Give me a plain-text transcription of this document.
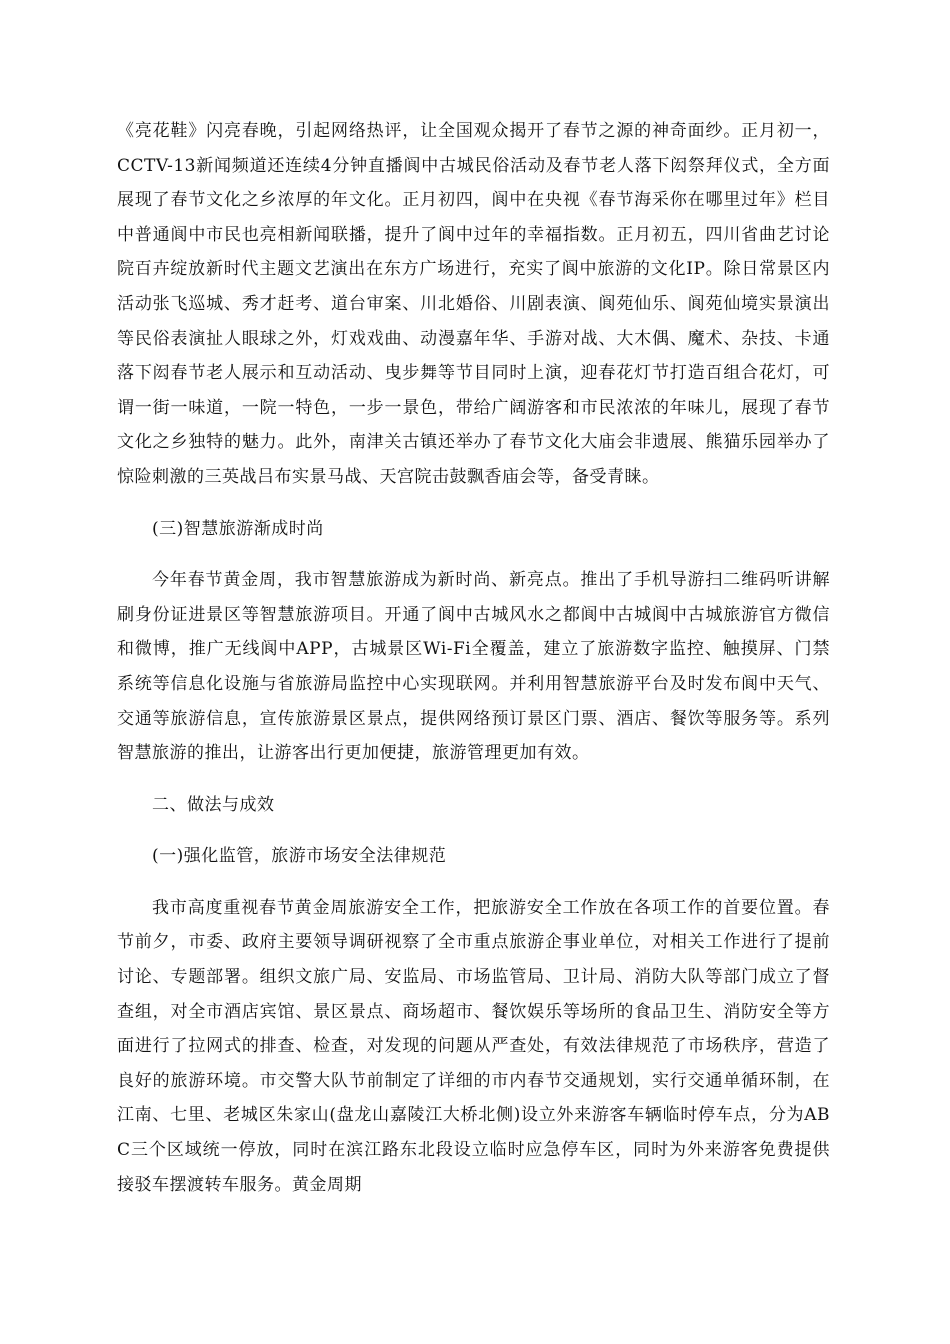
《亮花鞋》闪亮春晚，引起网络热评，让全国观众揭开了春节之源的神奇面纱。正月初一，CCTV-13新闻频道还连续4分钟直播阆中古城民俗活动及春节老人落下闳祭拜仪式，全方面展现了春节文化之乡浓厚的年文化。正月初四，阆中在央视《春节海采你在哪里过年》栏目中普通阆中市民也亮相新闻联播，提升了阆中过年的幸福指数。正月初五，四川省曲艺讨论院百卉绽放新时代主题文艺演出在东方广场进行，充实了阆中旅游的文化IP。除日常景区内活动张飞巡城、秀才赶考、道台审案、川北婚俗、川剧表演、阆苑仙乐、阆苑仙境实景演出等民俗表演扯人眼球之外，灯戏戏曲、动漫嘉年华、手游对战、大木偶、魔术、杂技、卡通落下闳春节老人展示和互动活动、曳步舞等节目同时上演，迎春花灯节打造百组合花灯，可谓一街一味道，一院一特色，一步一景色，带给广阔游客和市民浓浓的年味儿，展现了春节文化之乡独特的魅力。此外，南津关古镇还举办了春节文化大庙会非遗展、熊猫乐园举办了惊险刺激的三英战吕布实景马战、天宫院击鼓飘香庙会等，备受青睐。

(三)智慧旅游渐成时尚

今年春节黄金周，我市智慧旅游成为新时尚、新亮点。推出了手机导游扫二维码听讲解刷身份证进景区等智慧旅游项目。开通了阆中古城风水之都阆中古城阆中古城旅游官方微信和微博，推广无线阆中APP，古城景区Wi-Fi全覆盖，建立了旅游数字监控、触摸屏、门禁系统等信息化设施与省旅游局监控中心实现联网。并利用智慧旅游平台及时发布阆中天气、交通等旅游信息，宣传旅游景区景点，提供网络预订景区门票、酒店、餐饮等服务等。系列智慧旅游的推出，让游客出行更加便捷，旅游管理更加有效。

二、做法与成效

(一)强化监管，旅游市场安全法律规范

我市高度重视春节黄金周旅游安全工作，把旅游安全工作放在各项工作的首要位置。春节前夕，市委、政府主要领导调研视察了全市重点旅游企事业单位，对相关工作进行了提前讨论、专题部署。组织文旅广局、安监局、市场监管局、卫计局、消防大队等部门成立了督查组，对全市酒店宾馆、景区景点、商场超市、餐饮娱乐等场所的食品卫生、消防安全等方面进行了拉网式的排查、检查，对发现的问题从严查处，有效法律规范了市场秩序，营造了良好的旅游环境。市交警大队节前制定了详细的市内春节交通规划，实行交通单循环制，在江南、七里、老城区朱家山(盘龙山嘉陵江大桥北侧)设立外来游客车辆临时停车点，分为ABC三个区域统一停放，同时在滨江路东北段设立临时应急停车区，同时为外来游客免费提供接驳车摆渡转车服务。黄金周期
